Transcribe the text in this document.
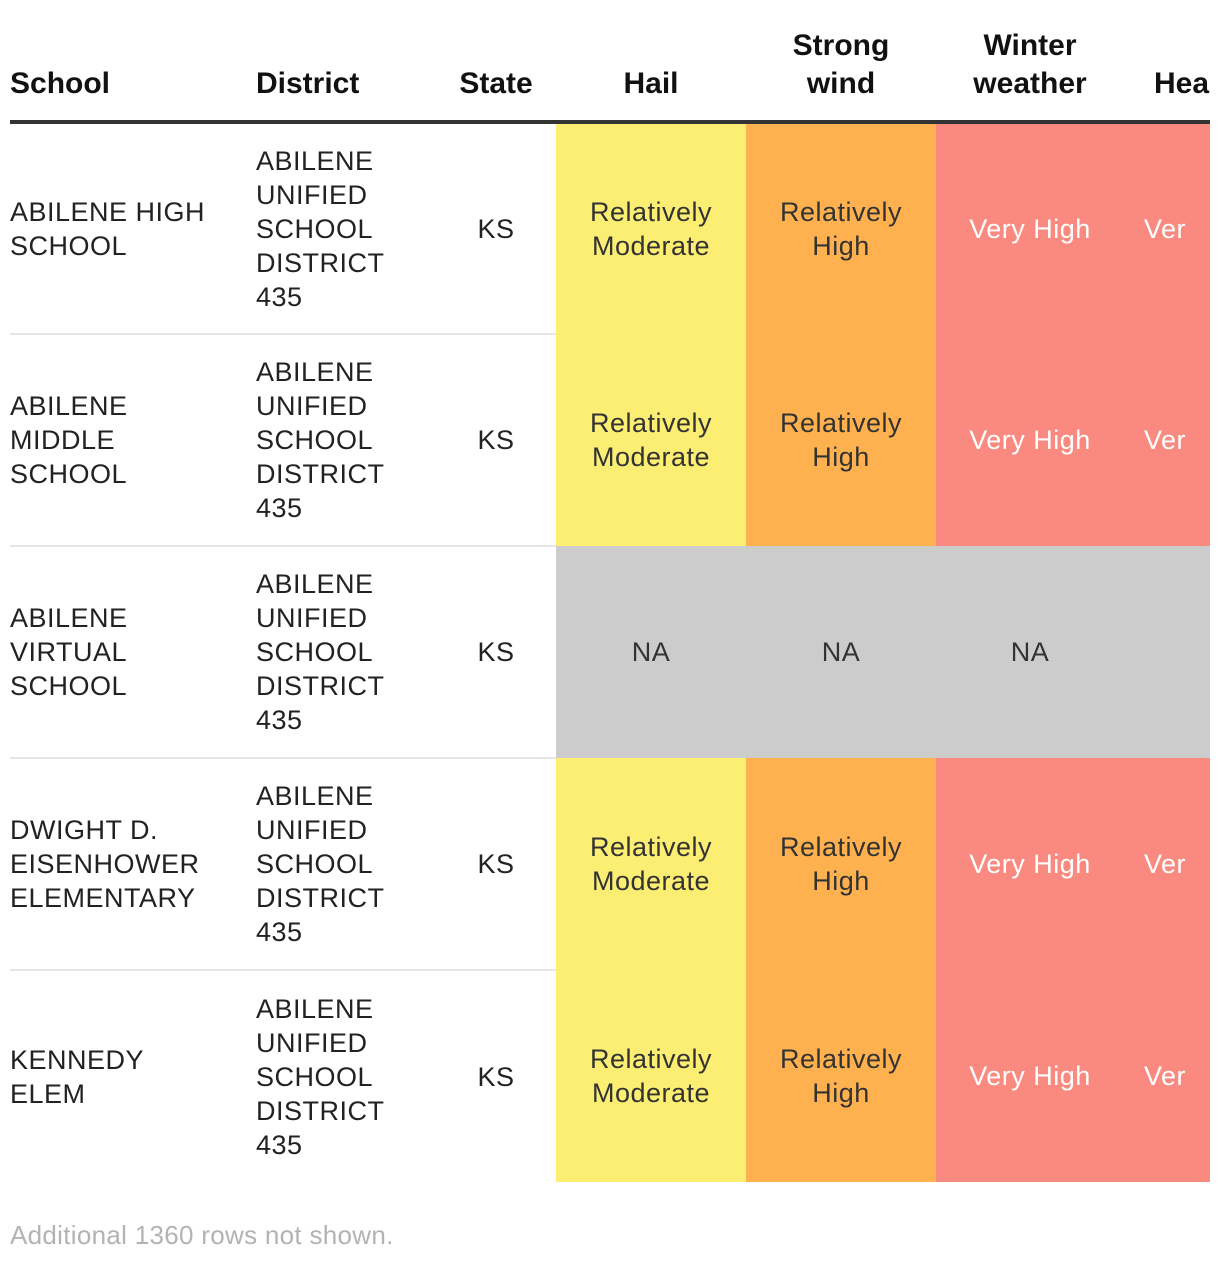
School	District	State	Hail	Strong wind	Winter weather	Hea
ABILENE HIGH SCHOOL	ABILENE UNIFIED SCHOOL DISTRICT 435	KS	Relatively Moderate	Relatively High	Very High	Ver
ABILENE MIDDLE SCHOOL	ABILENE UNIFIED SCHOOL DISTRICT 435	KS	Relatively Moderate	Relatively High	Very High	Ver
ABILENE VIRTUAL SCHOOL	ABILENE UNIFIED SCHOOL DISTRICT 435	KS	NA	NA	NA	
DWIGHT D. EISENHOWER ELEMENTARY	ABILENE UNIFIED SCHOOL DISTRICT 435	KS	Relatively Moderate	Relatively High	Very High	Ver
KENNEDY ELEM	ABILENE UNIFIED SCHOOL DISTRICT 435	KS	Relatively Moderate	Relatively High	Very High	Ver
Additional 1360 rows not shown.
